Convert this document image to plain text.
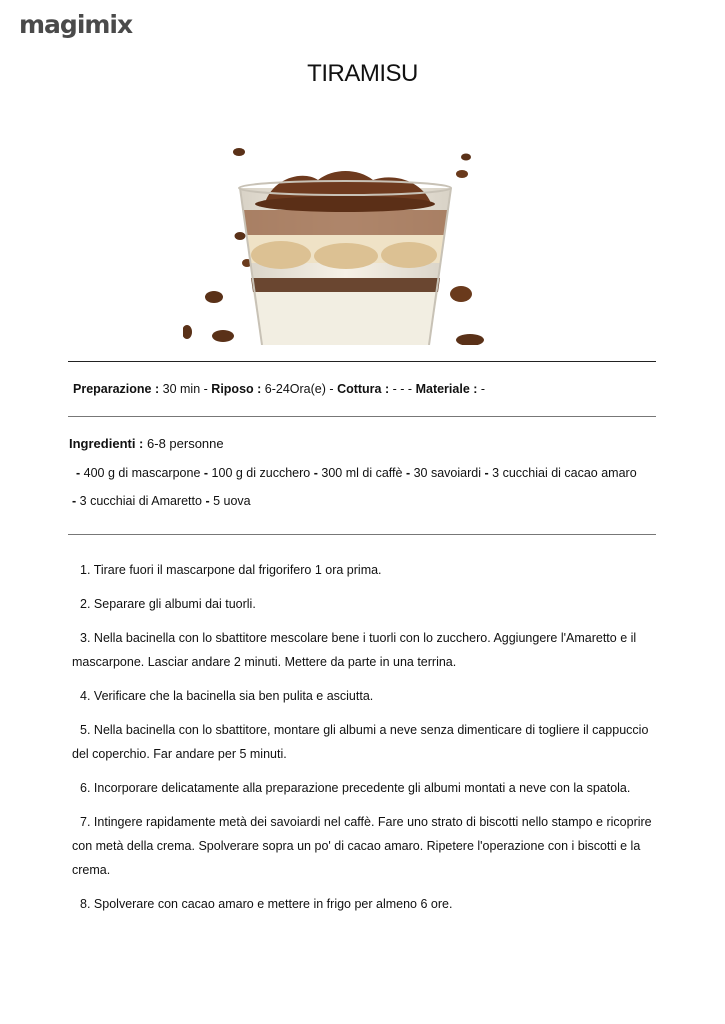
magimix
TIRAMISU
Preparazione : 30 min - Riposo : 6-24Ora(e) - Cottura : - - - Materiale : -
Ingredienti : 6-8 personne
- 400 g di mascarpone - 100 g di zucchero - 300 ml di caffè - 30 savoiardi - 3 cucchiai di cacao amaro
- 3 cucchiai di Amaretto - 5 uova
1. Tirare fuori il mascarpone dal frigorifero 1 ora prima.
2. Separare gli albumi dai tuorli.
3. Nella bacinella con lo sbattitore mescolare bene i tuorli con lo zucchero. Aggiungere l'Amaretto e il mascarpone. Lasciar andare 2 minuti. Mettere da parte in una terrina.
4. Verificare che la bacinella sia ben pulita e asciutta.
5. Nella bacinella con lo sbattitore, montare gli albumi a neve senza dimenticare di togliere il cappuccio del coperchio. Far andare per 5 minuti.
6. Incorporare delicatamente alla preparazione precedente gli albumi montati a neve con la spatola.
7. Intingere rapidamente metà dei savoiardi nel caffè. Fare uno strato di biscotti nello stampo e ricoprire con metà della crema. Spolverare sopra un po' di cacao amaro. Ripetere l'operazione con i biscotti e la crema.
8. Spolverare con cacao amaro e mettere in frigo per almeno 6 ore.
